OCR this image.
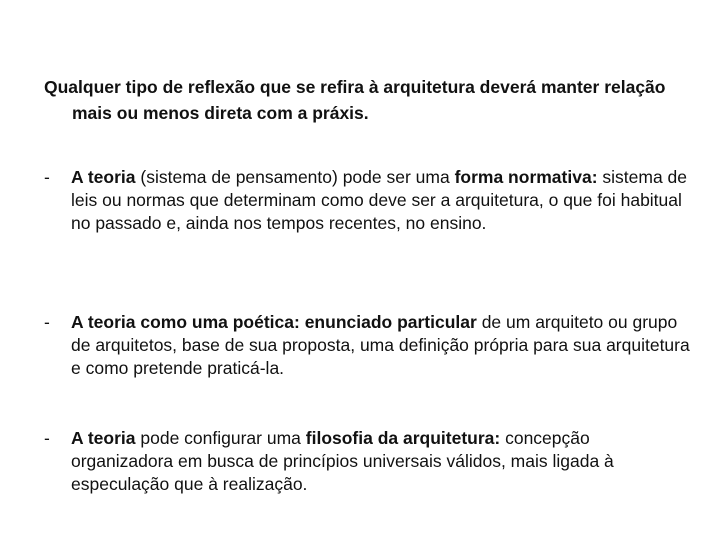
Qualquer tipo de reflexão que se refira à arquitetura deverá manter relação mais ou menos direta com a práxis.
-	A teoria (sistema de pensamento) pode ser uma forma normativa: sistema de leis ou normas que determinam como deve ser a arquitetura, o que foi habitual no passado e, ainda nos tempos recentes, no ensino.
-	A teoria como uma poética: enunciado particular de um arquiteto ou grupo de arquitetos, base de sua proposta, uma definição própria para sua arquitetura e como pretende praticá-la.
-	A teoria pode configurar uma filosofia da arquitetura: concepção organizadora em busca de princípios universais válidos, mais ligada à especulação que à realização.
